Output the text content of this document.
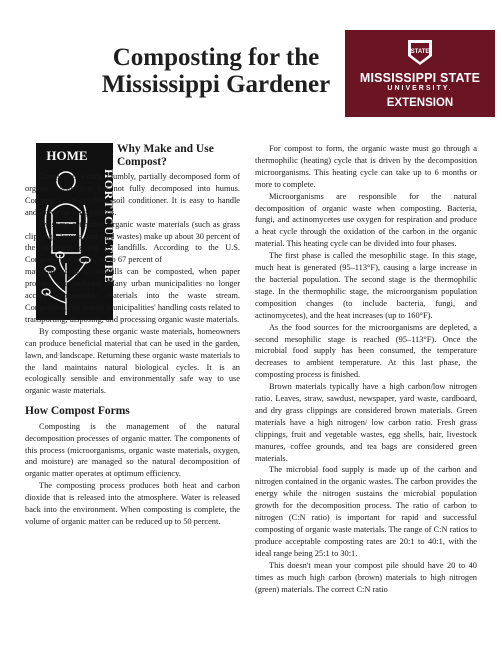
Composting for the
Mississippi Gardener
STATE
MISSISSIPPI STATE
UNIVERSITY.
EXTENSION
HOME
HORTICULTURE
Why Make and Use Compost?

Compost is a dark, crumbly, partially decomposed form of organic waste that has not fully decomposed into humus. Compost is an excellent soil conditioner. It is easy to handle and stores for long periods.

By some estimates, organic waste materials (such as grass clippings, leaves, and yard wastes) make up about 30 percent of the materials going to landfills. According to the U.S. Composting Council, up to 67 percent of

materials going to landfills can be composted, when paper products are included. Many urban municipalities no longer accept compostable materials into the waste stream. Composting can reduce municipalities' handling costs related to transporting, disposing, and processing organic waste materials.

By composting these organic waste materials, homeowners can produce beneficial material that can be used in the garden, lawn, and landscape. Returning these organic waste materials to the land maintains natural biological cycles. It is an ecologically sensible and environmentally safe way to use organic waste materials.

How Compost Forms

Composting is the management of the natural decomposition processes of organic matter. The components of this process (microorganisms, organic waste materials, oxygen, and moisture) are managed so the natural decomposition of organic matter operates at optimum efficiency.

The composting process produces both heat and carbon dioxide that is released into the atmosphere. Water is released back into the environment. When composting is complete, the volume of organic matter can be reduced up to 50 percent.

For compost to form, the organic waste must go through a thermophilic (heating) cycle that is driven by the decomposition microorganisms. This heating cycle can take up to 6 months or more to complete.

Microorganisms are responsible for the natural decomposition of organic waste when composting. Bacteria, fungi, and actinomycetes use oxygen for respiration and produce a heat cycle through the oxidation of the carbon in the organic material. This heating cycle can be divided into four phases.

The first phase is called the mesophilic stage. In this stage, much heat is generated (95–113°F), causing a large increase in the bacterial population. The second stage is the thermophilic stage. In the thermophilic stage, the microorganism population composition changes (to include bacteria, fungi, and actinomycetes), and the heat increases (up to 160°F).

As the food sources for the microorganisms are depleted, a second mesophilic stage is reached (95–113°F). Once the microbial food supply has been consumed, the temperature decreases to ambient temperature. At this last phase, the composting process is finished.

Brown materials typically have a high carbon/low nitrogen ratio. Leaves, straw, sawdust, newspaper, yard waste, cardboard, and dry grass clippings are considered brown materials. Green materials have a high nitrogen/ low carbon ratio. Fresh grass clippings, fruit and vegetable wastes, egg shells, hair, livestock manures, coffee grounds, and tea bags are considered green materials.

The microbial food supply is made up of the carbon and nitrogen contained in the organic wastes. The carbon provides the energy while the nitrogen sustains the microbial population growth for the decomposition process. The ratio of carbon to nitrogen (C:N ratio) is important for rapid and successful composting of organic waste materials. The range of C:N ratios to produce acceptable composting rates are 20:1 to 40:1, with the ideal range being 25:1 to 30:1.

This doesn't mean your compost pile should have 20 to 40 times as much high carbon (brown) materials to high nitrogen (green) materials. The correct C:N ratio
